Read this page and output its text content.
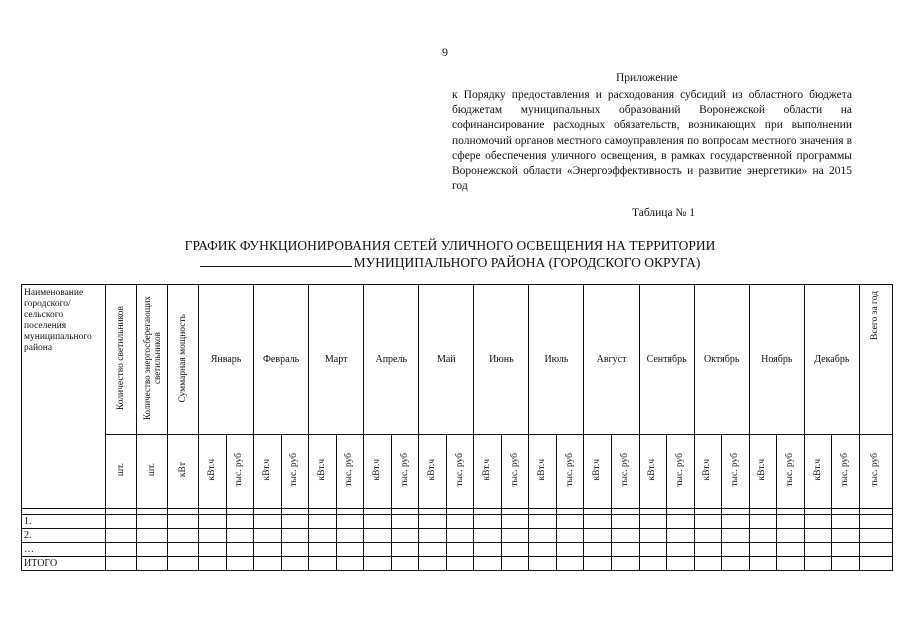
9
Приложение
к Порядку предоставления и расходования субсидий из областного бюджета бюджетам муниципальных образований Воронежской области на софинансирование расходных обязательств, возникающих при выполнении полномочий органов местного самоуправления по вопросам местного значения в сфере обеспечения уличного освещения, в рамках государственной программы Воронежской области «Энергоэффективность и развитие энергетики» на 2015 год
Таблица № 1
ГРАФИК ФУНКЦИОНИРОВАНИЯ СЕТЕЙ УЛИЧНОГО ОСВЕЩЕНИЯ НА ТЕРРИТОРИИ
МУНИЦИПАЛЬНОГО РАЙОНА (ГОРОДСКОГО ОКРУГА)
Наименование городского/ сельского поселения муниципального района	Количество светильников	Количество энергосберегающих светильников	Суммарная мощность	Январь		Февраль		Март		Апрель		Май		Июнь		Июль		Август		Сентябрь		Октябрь		Ноябрь		Декабрь		Всего за год
	шт.	шт.	кВт	кВт.ч	тыс. руб	кВт.ч	тыс. руб	кВт.ч	тыс. руб	кВт.ч	тыс. руб	кВт.ч	тыс. руб	кВт.ч	тыс. руб	кВт.ч	тыс. руб	кВт.ч	тыс. руб	кВт.ч	тыс. руб	кВт.ч	тыс. руб	кВт.ч	тыс. руб	кВт.ч	тыс. руб	тыс. руб

1.																												
2.																												
…																												
ИТОГО																												
